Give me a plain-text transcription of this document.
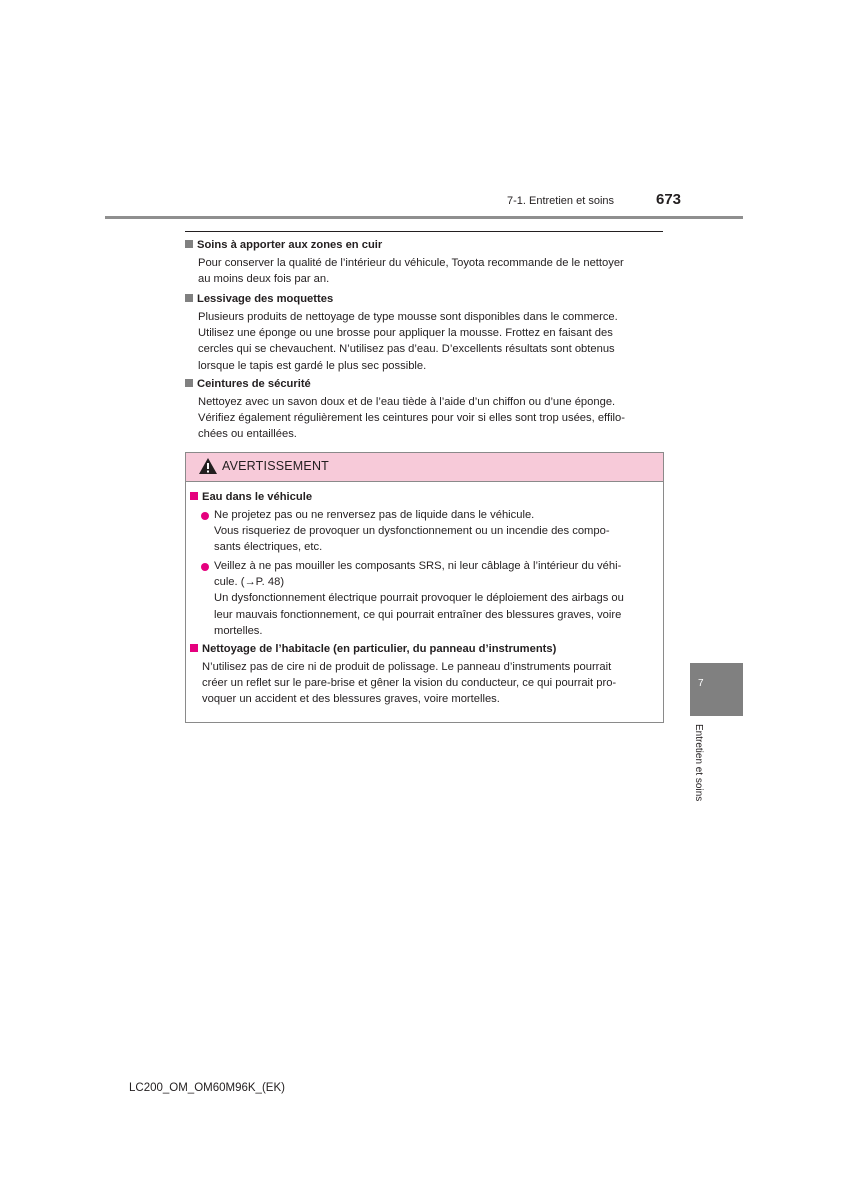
7-1. Entretien et soins	673
Soins à apporter aux zones en cuir
Pour conserver la qualité de l’intérieur du véhicule, Toyota recommande de le nettoyer
au moins deux fois par an.
Lessivage des moquettes
Plusieurs produits de nettoyage de type mousse sont disponibles dans le commerce.
Utilisez une éponge ou une brosse pour appliquer la mousse. Frottez en faisant des
cercles qui se chevauchent. N’utilisez pas d’eau. D’excellents résultats sont obtenus
lorsque le tapis est gardé le plus sec possible.
Ceintures de sécurité
Nettoyez avec un savon doux et de l’eau tiède à l’aide d’un chiffon ou d’une éponge.
Vérifiez également régulièrement les ceintures pour voir si elles sont trop usées, effilo-
chées ou entaillées.
AVERTISSEMENT
Eau dans le véhicule
Ne projetez pas ou ne renversez pas de liquide dans le véhicule.
Vous risqueriez de provoquer un dysfonctionnement ou un incendie des compo-
sants électriques, etc.
Veillez à ne pas mouiller les composants SRS, ni leur câblage à l’intérieur du véhi-
cule. (→P. 48)
Un dysfonctionnement électrique pourrait provoquer le déploiement des airbags ou
leur mauvais fonctionnement, ce qui pourrait entraîner des blessures graves, voire
mortelles.
Nettoyage de l’habitacle (en particulier, du panneau d’instruments)
N’utilisez pas de cire ni de produit de polissage. Le panneau d’instruments pourrait
créer un reflet sur le pare-brise et gêner la vision du conducteur, ce qui pourrait pro-
voquer un accident et des blessures graves, voire mortelles.
7
Entretien et soins
LC200_OM_OM60M96K_(EK)
